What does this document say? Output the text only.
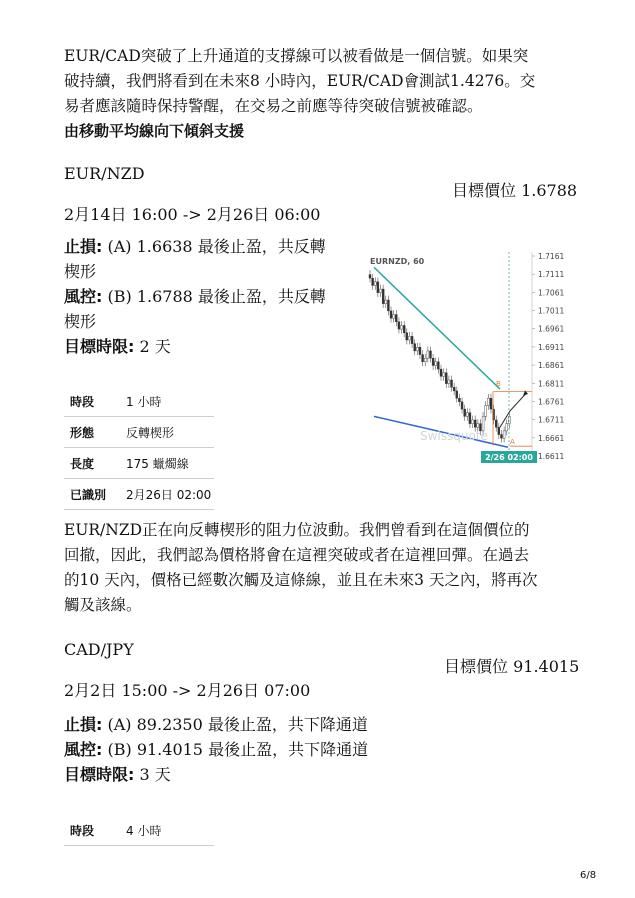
EUR/CAD突破了上升通道的支撐線可以被看做是一個信號。如果突
破持續，我們將看到在未來8 小時內，EUR/CAD會測試1.4276。交
易者應該隨時保持警醒，在交易之前應等待突破信號被確認。
由移動平均線向下傾斜支援
EUR/NZD
目標價位 1.6788
2月14日 16:00 -> 2月26日 06:00
止損: (A) 1.6638 最後止盈，共反轉
楔形
風控: (B) 1.6788 最後止盈，共反轉
楔形
目標時限: 2 天
時段	1 小時
形態	反轉楔形
長度	175 蠟燭線
已識別	2月26日 02:00
Swissquote
EURNZD, 60
1.7161
1.7111
1.7061
1.7011
1.6961
1.6911
1.6861
1.6811
1.6761
1.6711
1.6661
1.6611
2/26 02:00
B
A
EUR/NZD正在向反轉楔形的阻力位波動。我們曾看到在這個價位的
回撤，因此，我們認為價格將會在這裡突破或者在這裡回彈。在過去
的10 天內，價格已經數次觸及這條線，並且在未來3 天之內，將再次
觸及該線。
CAD/JPY
目標價位 91.4015
2月2日 15:00 -> 2月26日 07:00
止損: (A) 89.2350 最後止盈，共下降通道
風控: (B) 91.4015 最後止盈，共下降通道
目標時限: 3 天
時段	4 小時
6/8
